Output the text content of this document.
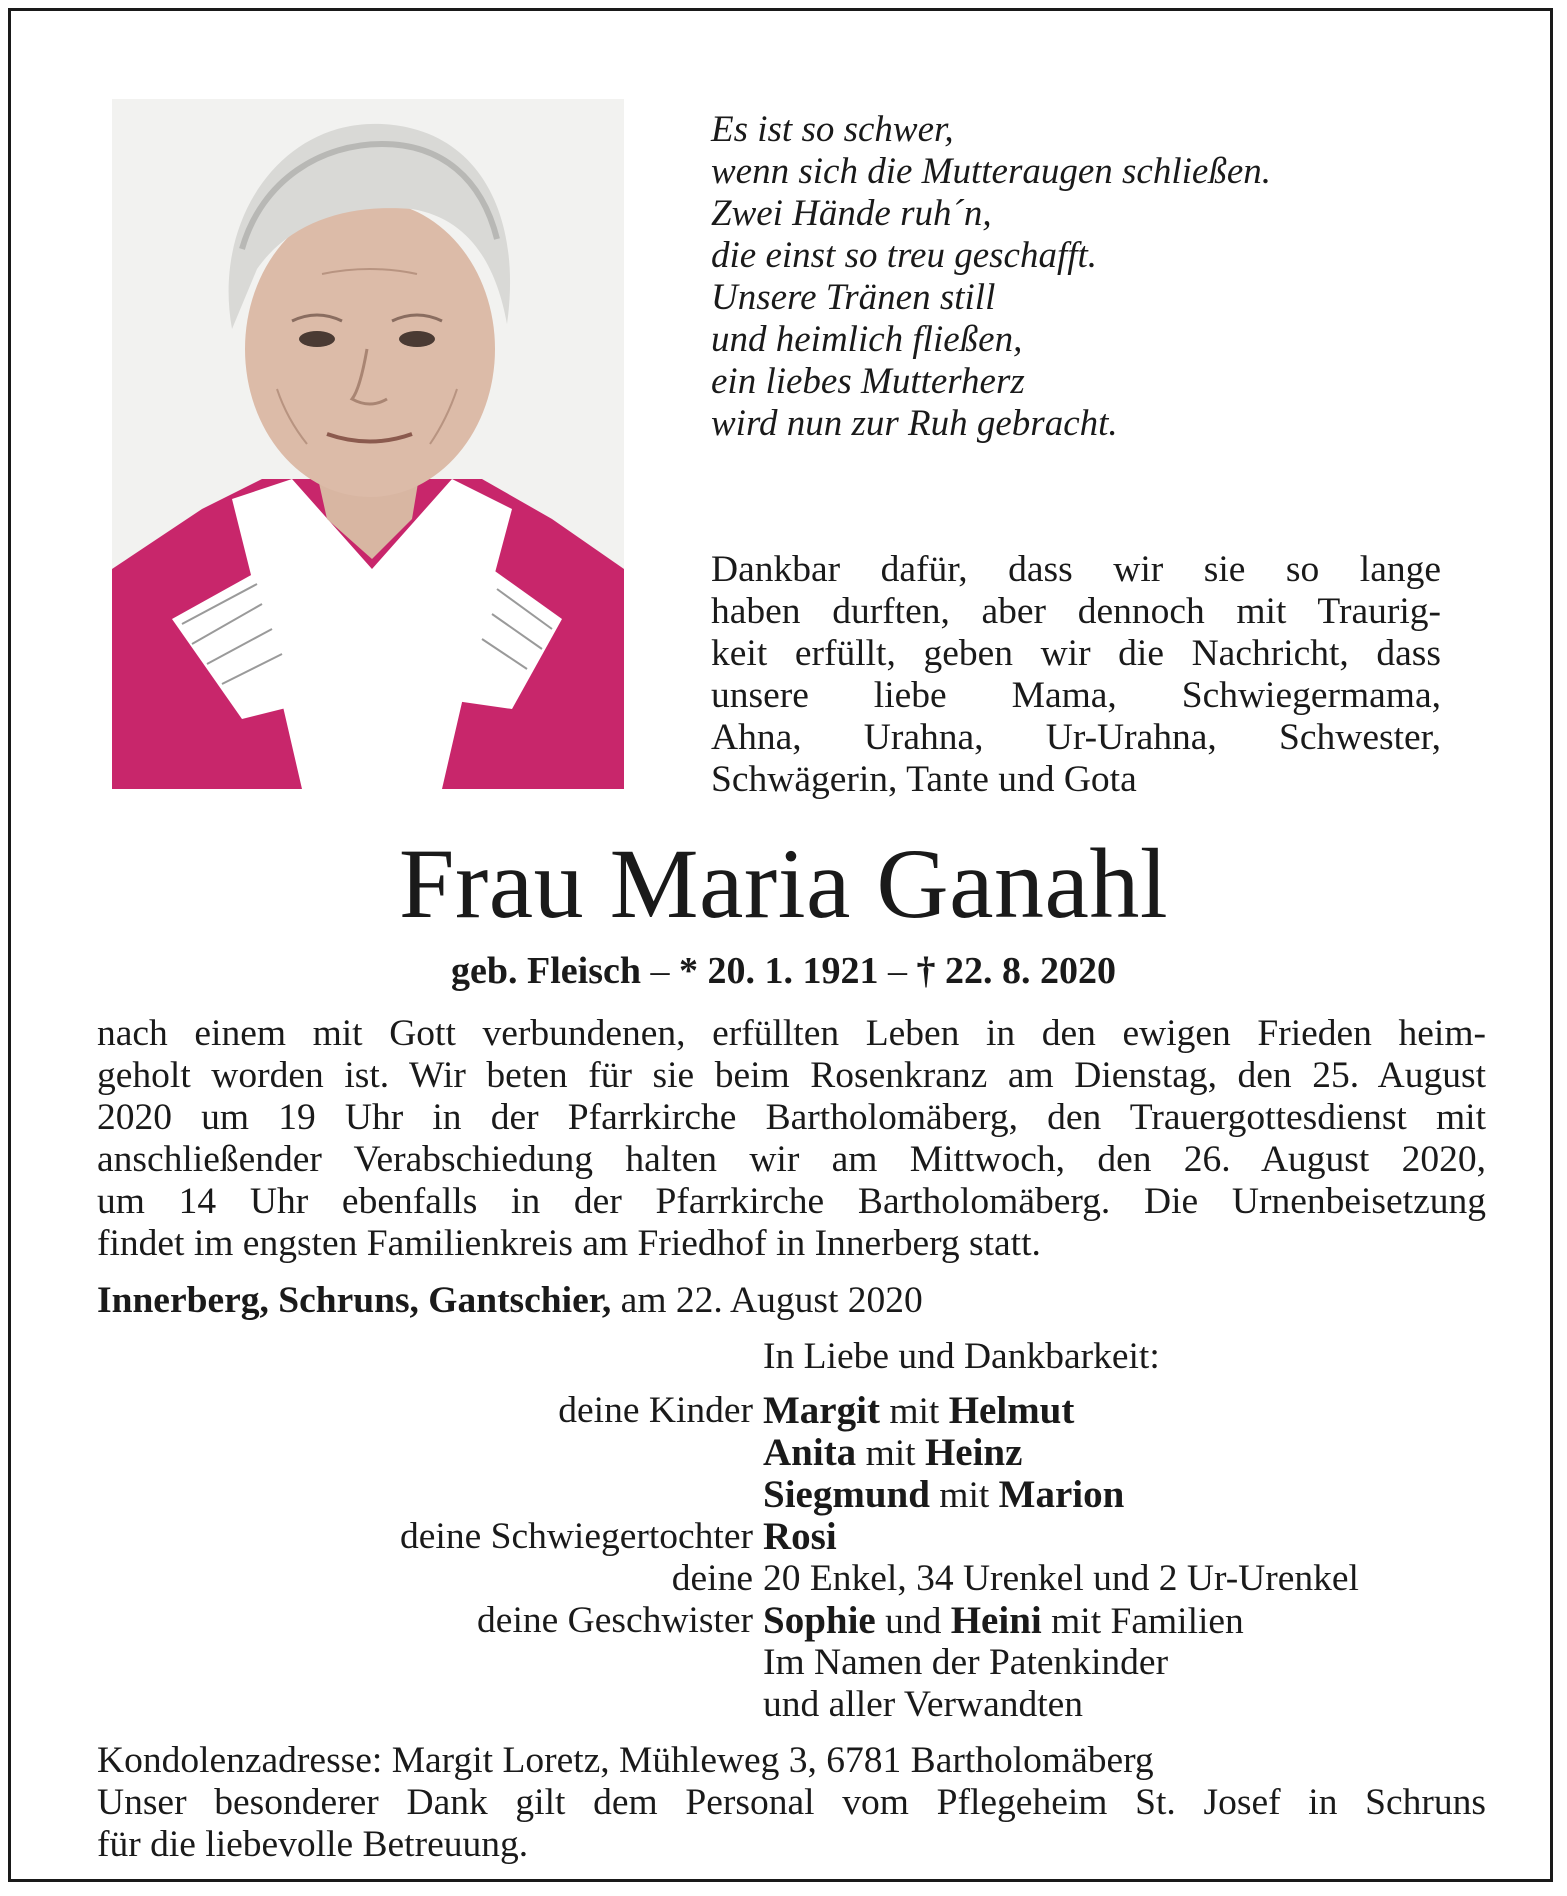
Es ist so schwer,
wenn sich die Mutteraugen schließen.
Zwei Hände ruh´n,
die einst so treu geschafft.
Unsere Tränen still
und heimlich fließen,
ein liebes Mutterherz
wird nun zur Ruh gebracht.
Dankbar dafür, dass wir sie so lange
haben durften, aber dennoch mit Traurig-
keit erfüllt, geben wir die Nachricht, dass
unsere liebe Mama, Schwiegermama,
Ahna, Urahna, Ur-Urahna, Schwester,
Schwägerin, Tante und Gota
Frau Maria Ganahl
geb. Fleisch – * 20. 1. 1921 – † 22. 8. 2020
nach einem mit Gott verbundenen, erfüllten Leben in den ewigen Frieden heim-
geholt worden ist. Wir beten für sie beim Rosenkranz am Dienstag, den 25. August
2020 um 19 Uhr in der Pfarrkirche Bartholomäberg, den Trauergottesdienst mit
anschließender Verabschiedung halten wir am Mittwoch, den 26. August 2020,
um 14 Uhr ebenfalls in der Pfarrkirche Bartholomäberg. Die Urnenbeisetzung
findet im engsten Familienkreis am Friedhof in Innerberg statt.
Innerberg, Schruns, Gantschier, am 22. August 2020
In Liebe und Dankbarkeit:
deine Kinder Margit mit Helmut
Anita mit Heinz
Siegmund mit Marion
deine Schwiegertochter Rosi
deine 20 Enkel, 34 Urenkel und 2 Ur-Urenkel
deine Geschwister Sophie und Heini mit Familien
Im Namen der Patenkinder
und aller Verwandten
Kondolenzadresse: Margit Loretz, Mühleweg 3, 6781 Bartholomäberg
Unser besonderer Dank gilt dem Personal vom Pflegeheim St. Josef in Schruns
für die liebevolle Betreuung.
